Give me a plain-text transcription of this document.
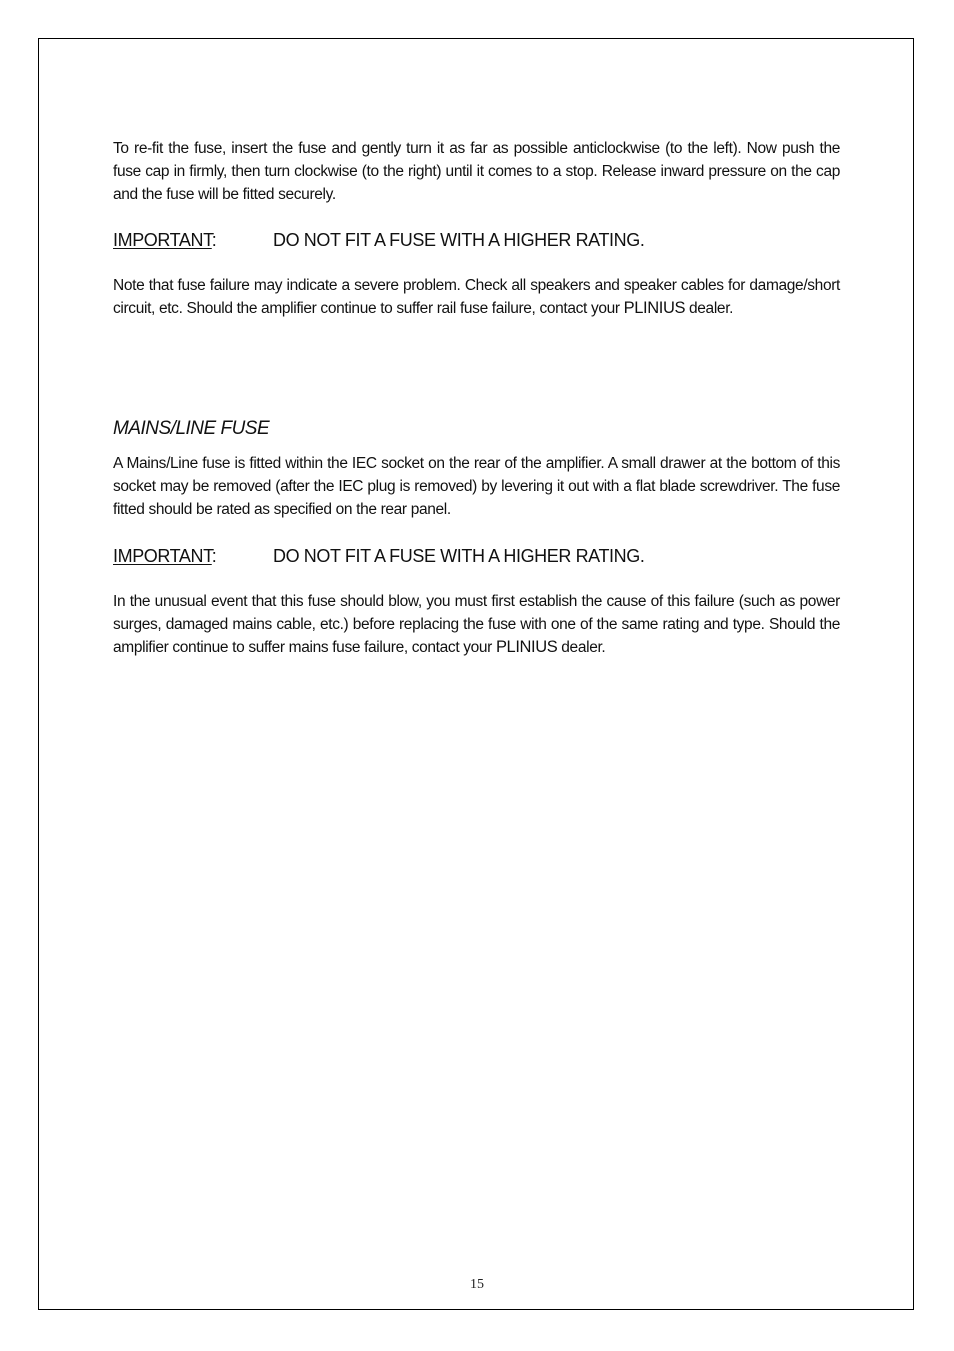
To re-fit the fuse, insert the fuse and gently turn it as far as possible anticlockwise (to the left). Now push the fuse cap in firmly, then turn clockwise (to the right) until it comes to a stop. Release inward pressure on the cap and the fuse will be fitted securely.

IMPORTANT:	DO NOT FIT A FUSE WITH A HIGHER RATING.

Note that fuse failure may indicate a severe problem. Check all speakers and speaker cables for damage/short circuit, etc. Should the amplifier continue to suffer rail fuse failure, contact your PLINIUS dealer.

MAINS/LINE FUSE

A Mains/Line fuse is fitted within the IEC socket on the rear of the amplifier. A small drawer at the bottom of this socket may be removed (after the IEC plug is removed) by levering it out with a flat blade screwdriver. The fuse fitted should be rated as specified on the rear panel.

IMPORTANT:	DO NOT FIT A FUSE WITH A HIGHER RATING.

In the unusual event that this fuse should blow, you must first establish the cause of this failure (such as power surges, damaged mains cable, etc.) before replacing the fuse with one of the same rating and type. Should the amplifier continue to suffer mains fuse failure, contact your PLINIUS dealer.

15
